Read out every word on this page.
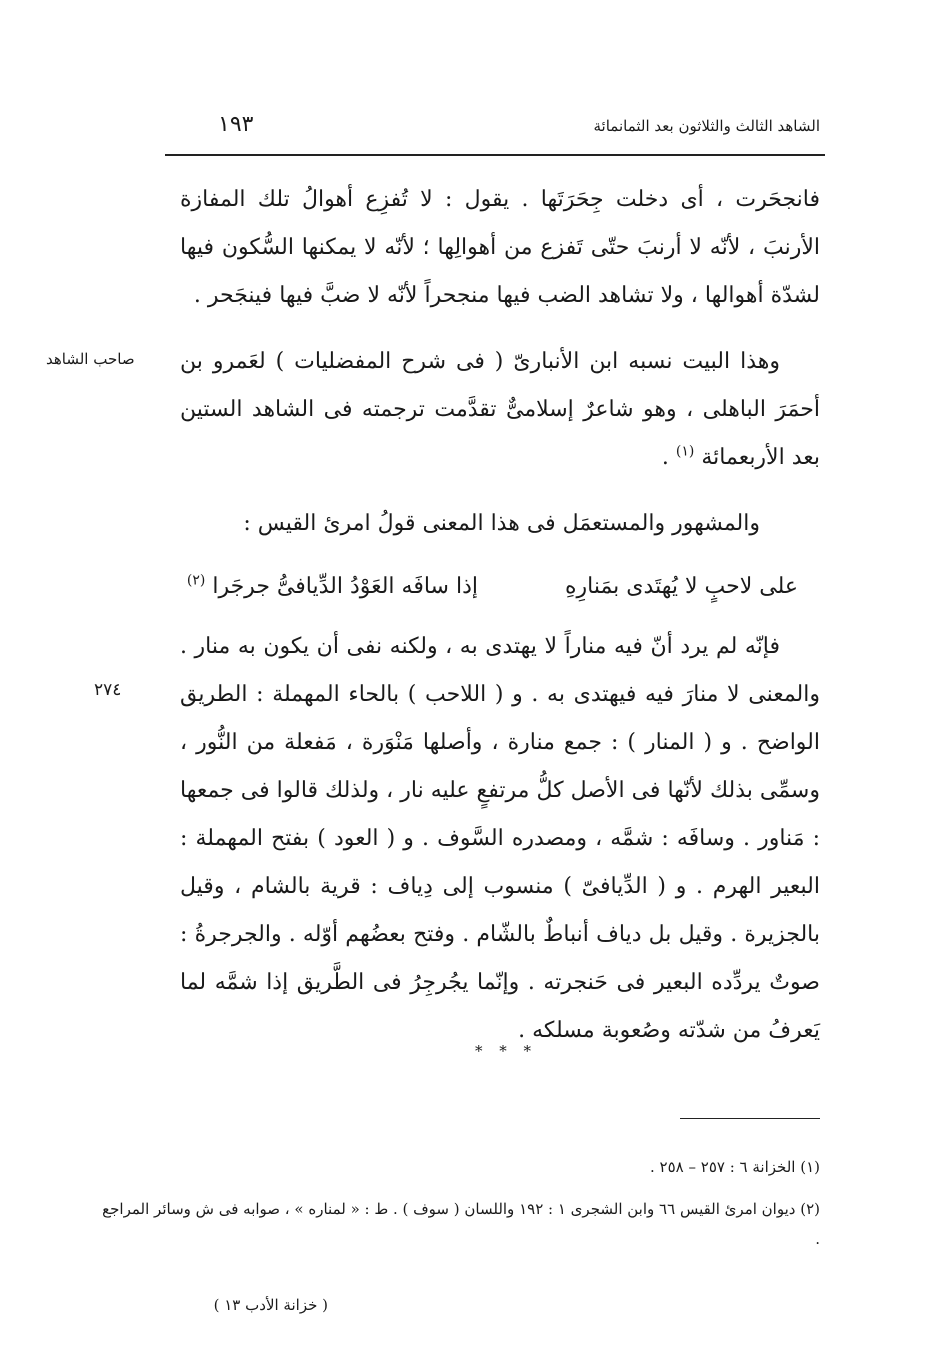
الشاهد الثالث والثلاثون بعد الثمانمائة
١٩٣

فانجحَرت ، أى دخلت جِحَرَتَها . يقول : لا تُفزِع أهوالُ تلك المفازة الأرنبَ ، لأنّه لا أرنبَ حتّى تَفزع من أهوالِها ؛ لأنّه لا يمكنها السُّكون فيها لشدّة أهوالها ، ولا تشاهد الضب فيها منجحراً لأنّه لا ضبَّ فيها فينجَحر .

وهذا البيت نسبه ابن الأنبارىّ ( فى شرح المفضليات ) لعَمرو بن أحمَرَ الباهلى ، وهو شاعرٌ إسلامىٌّ تقدَّمت ترجمته فى الشاهد الستين بعد الأربعمائة $^{(١)}$ .

صاحب الشاهد

والمشهور والمستعمَل فى هذا المعنى قولُ امرئ القيس :

على لاحبٍ لا يُهتَدى بمَنارِهِ
إذا سافَه العَوْدُ الدِّيافىُّ جرجَرا $^{(٢)}$

فإنّه لم يرد أنّ فيه مناراً لا يهتدى به ، ولكنه نفى أن يكون به منار . والمعنى لا منارَ فيه فيهتدى به . و ( اللاحب ) بالحاء المهملة : الطريق الواضح . و ( المنار ) : جمع منارة ، وأصلها مَنْوَرة ، مَفعلة من النُّور ، وسمِّى بذلك لأنّها فى الأصل كلُّ مرتفعٍ عليه نار ، ولذلك قالوا فى جمعها : مَناور . وسافَه : شمَّه ، ومصدره السَّوف . و ( العود ) بفتح المهملة : البعير الهرم . و ( الدِّيافىّ ) منسوب إلى دِياف : قرية بالشام ، وقيل بالجزيرة . وقيل بل دياف أنباطٌ بالشّام . وفتح بعضُهم أوّله . والجرجرةُ : صوتٌ يردِّده البعير فى حَنجرته . وإنّما يجُرجِرُ فى الطَّريق إذا شمَّه لما يَعرفُ من شدّته وصُعوبة مسلكه .

٢٧٤
* * *

(١) الخزانة ٦ : ٢٥٧ – ٢٥٨ .

(٢) ديوان امرئ القيس ٦٦ وابن الشجرى ١ : ١٩٢ واللسان ( سوف ) . ط : « لمناره » ، صوابه فى ش وسائر المراجع .

( خزانة الأدب ١٣ )
